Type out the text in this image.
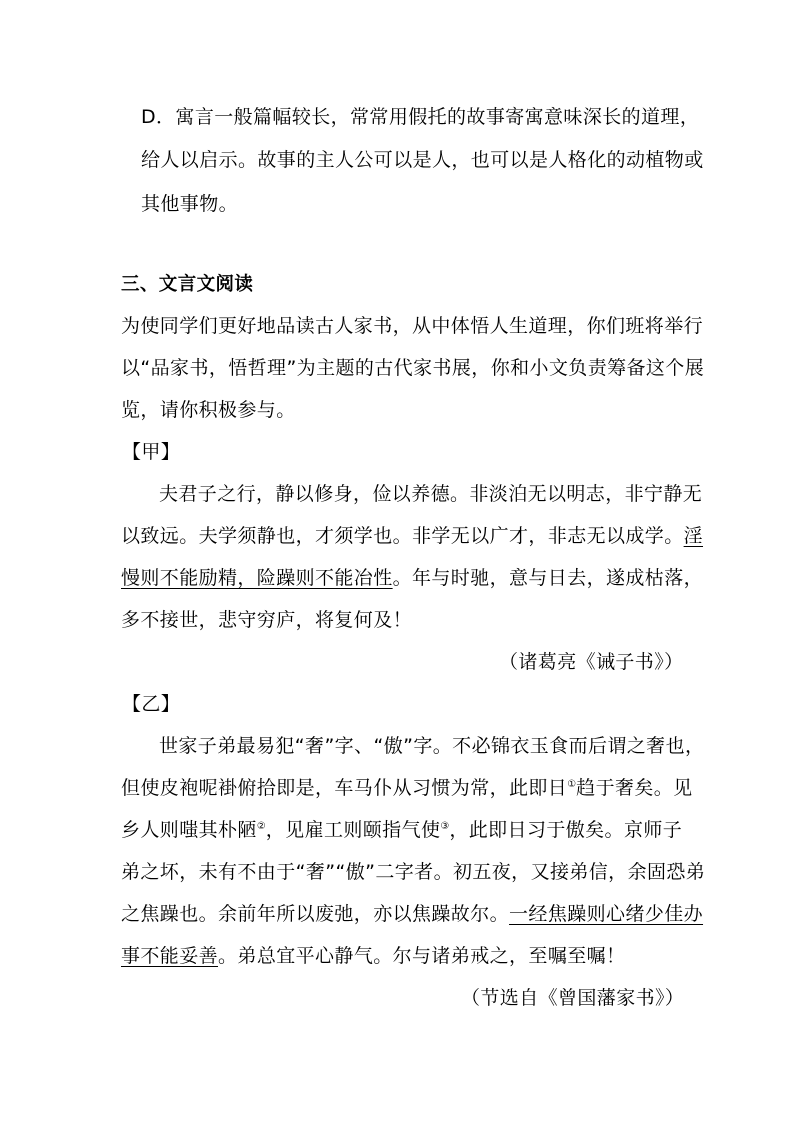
D．寓言一般篇幅较长，常常用假托的故事寄寓意味深长的道理，
给人以启示。故事的主人公可以是人，也可以是人格化的动植物或
其他事物。
三、文言文阅读
为使同学们更好地品读古人家书，从中体悟人生道理，你们班将举行
以“品家书，悟哲理”为主题的古代家书展，你和小文负责筹备这个展
览，请你积极参与。
【甲】
夫君子之行，静以修身，俭以养德。非淡泊无以明志，非宁静无
以致远。夫学须静也，才须学也。非学无以广才，非志无以成学。淫
慢则不能励精，险躁则不能冶性。年与时驰，意与日去，遂成枯落，
多不接世，悲守穷庐，将复何及！
（诸葛亮《诫子书》）
【乙】
世家子弟最易犯“奢”字、“傲”字。不必锦衣玉食而后谓之奢也，
但使皮袍呢褂俯拾即是，车马仆从习惯为常，此即日①趋于奢矣。见
乡人则嗤其朴陋②，见雇工则颐指气使③，此即日习于傲矣。京师子
弟之坏，未有不由于“奢”“傲”二字者。初五夜，又接弟信，余固恐弟
之焦躁也。余前年所以废弛，亦以焦躁故尔。一经焦躁则心绪少佳办
事不能妥善。弟总宜平心静气。尔与诸弟戒之，至嘱至嘱！
（节选自《曾国藩家书》）
